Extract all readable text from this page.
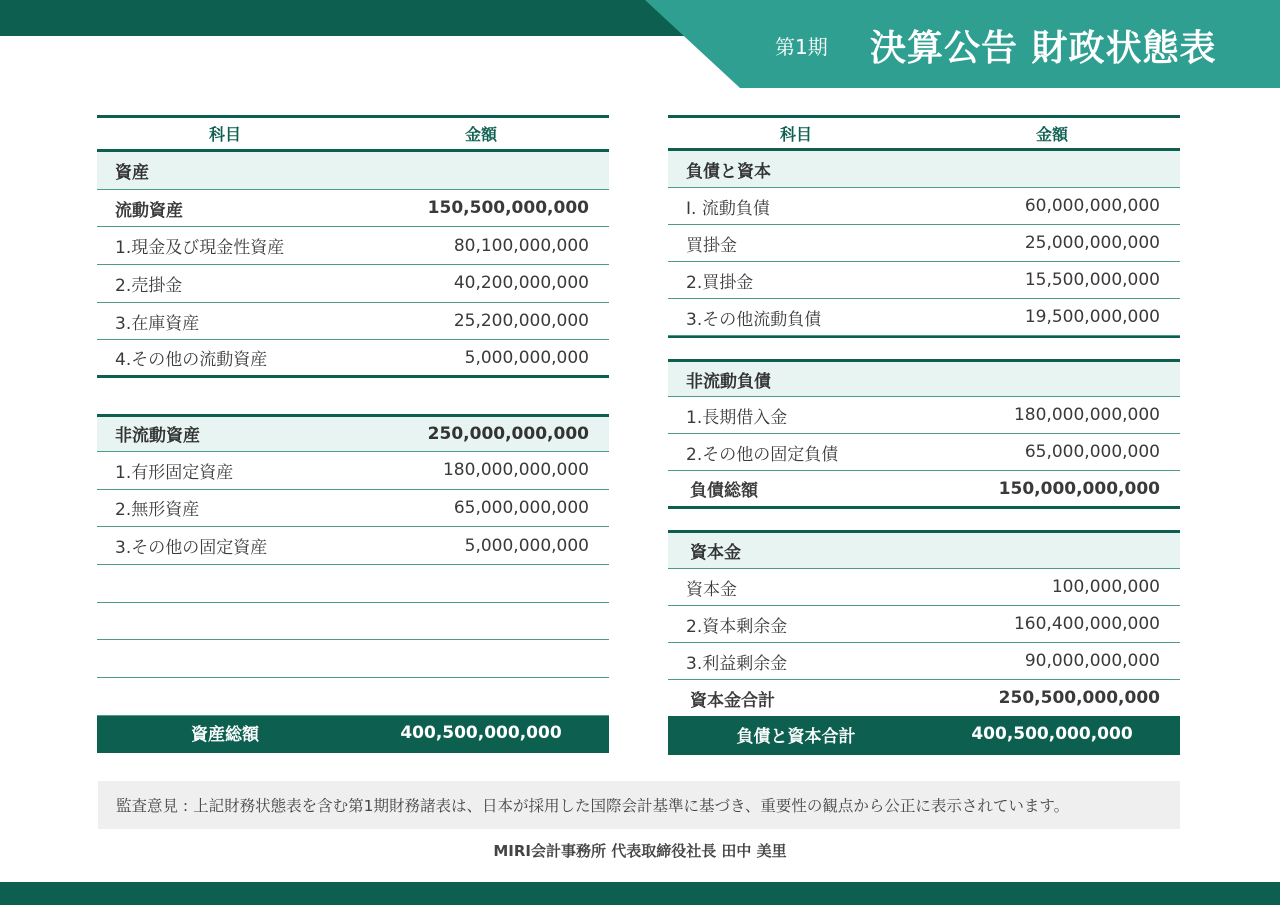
第1期 決算公告 財政状態表
科目	金額
資産
流動資産	150,500,000,000
1.現金及び現金性資産	80,100,000,000
2.売掛金	40,200,000,000
3.在庫資産	25,200,000,000
4.その他の流動資産	5,000,000,000
非流動資産	250,000,000,000
1.有形固定資産	180,000,000,000
2.無形資産	65,000,000,000
3.その他の固定資産	5,000,000,000
資産総額	400,500,000,000
科目	金額
負債と資本
I. 流動負債	60,000,000,000
買掛金	25,000,000,000
2.買掛金	15,500,000,000
3.その他流動負債	19,500,000,000
非流動負債
1.長期借入金	180,000,000,000
2.その他の固定負債	65,000,000,000
負債総額	150,000,000,000
資本金
資本金	100,000,000
2.資本剰余金	160,400,000,000
3.利益剰余金	90,000,000,000
資本金合計	250,500,000,000
負債と資本合計	400,500,000,000
監査意見 : 上記財務状態表を含む第1期財務諸表は、日本が採用した国際会計基準に基づき、重要性の観点から公正に表示されています。
MIRI会計事務所 代表取締役社長 田中 美里
